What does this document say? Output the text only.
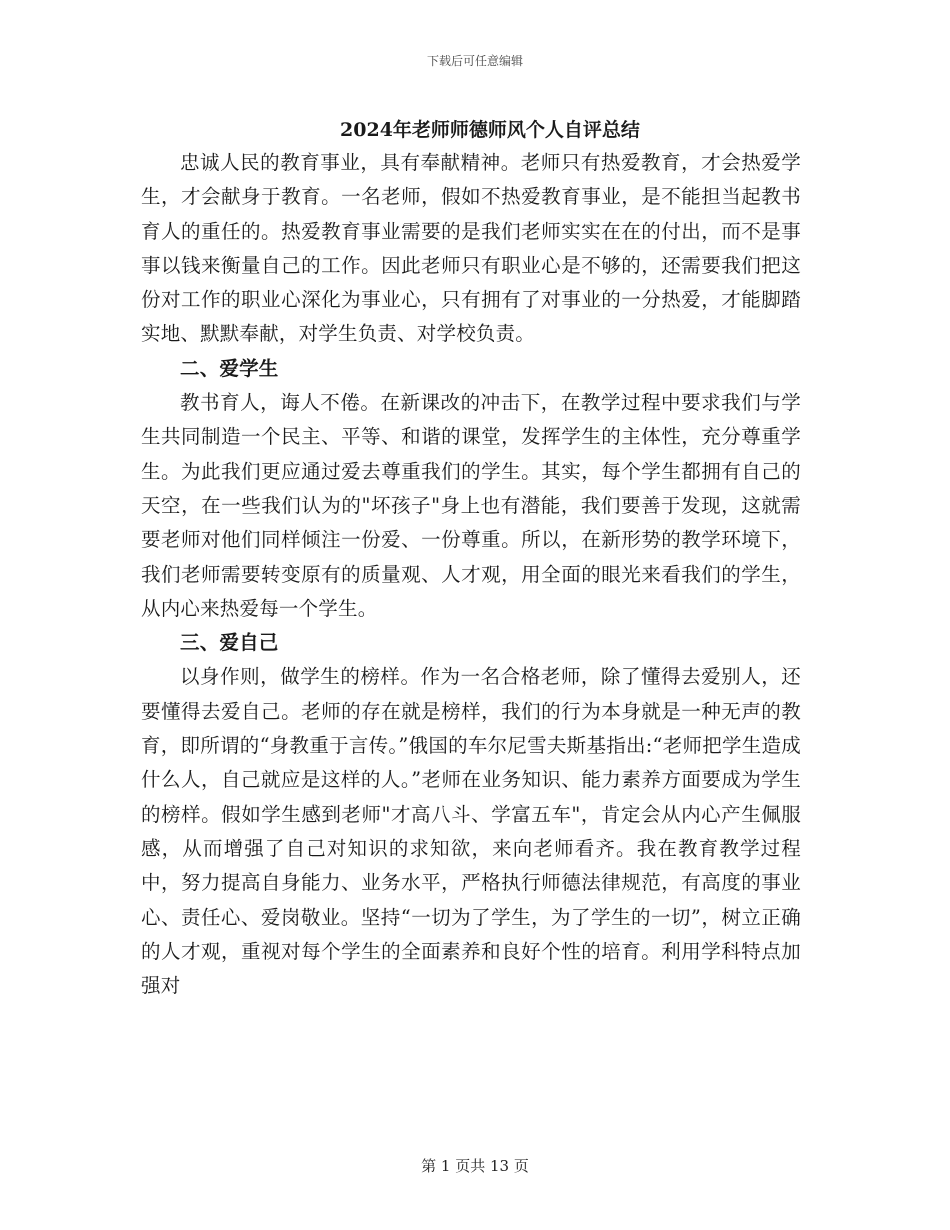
下载后可任意编辑
2024年老师师德师风个人自评总结

忠诚人民的教育事业，具有奉献精神。老师只有热爱教育，才会热爱学生，才会献身于教育。一名老师，假如不热爱教育事业，是不能担当起教书育人的重任的。热爱教育事业需要的是我们老师实实在在的付出，而不是事事以钱来衡量自己的工作。因此老师只有职业心是不够的，还需要我们把这份对工作的职业心深化为事业心，只有拥有了对事业的一分热爱，才能脚踏实地、默默奉献，对学生负责、对学校负责。

二、爱学生

教书育人，诲人不倦。在新课改的冲击下，在教学过程中要求我们与学生共同制造一个民主、平等、和谐的课堂，发挥学生的主体性，充分尊重学生。为此我们更应通过爱去尊重我们的学生。其实，每个学生都拥有自己的天空，在一些我们认为的"坏孩子"身上也有潜能，我们要善于发现，这就需要老师对他们同样倾注一份爱、一份尊重。所以，在新形势的教学环境下，我们老师需要转变原有的质量观、人才观，用全面的眼光来看我们的学生，从内心来热爱每一个学生。

三、爱自己

以身作则，做学生的榜样。作为一名合格老师，除了懂得去爱别人，还要懂得去爱自己。老师的存在就是榜样，我们的行为本身就是一种无声的教育，即所谓的“身教重于言传。”俄国的车尔尼雪夫斯基指出:“老师把学生造成什么人，自己就应是这样的人。”老师在业务知识、能力素养方面要成为学生的榜样。假如学生感到老师"才高八斗、学富五车"，肯定会从内心产生佩服感，从而增强了自己对知识的求知欲，来向老师看齐。我在教育教学过程中，努力提高自身能力、业务水平，严格执行师德法律规范，有高度的事业心、责任心、爱岗敬业。坚持“一切为了学生，为了学生的一切”，树立正确的人才观，重视对每个学生的全面素养和良好个性的培育。利用学科特点加强对

第 1 页共 13 页
